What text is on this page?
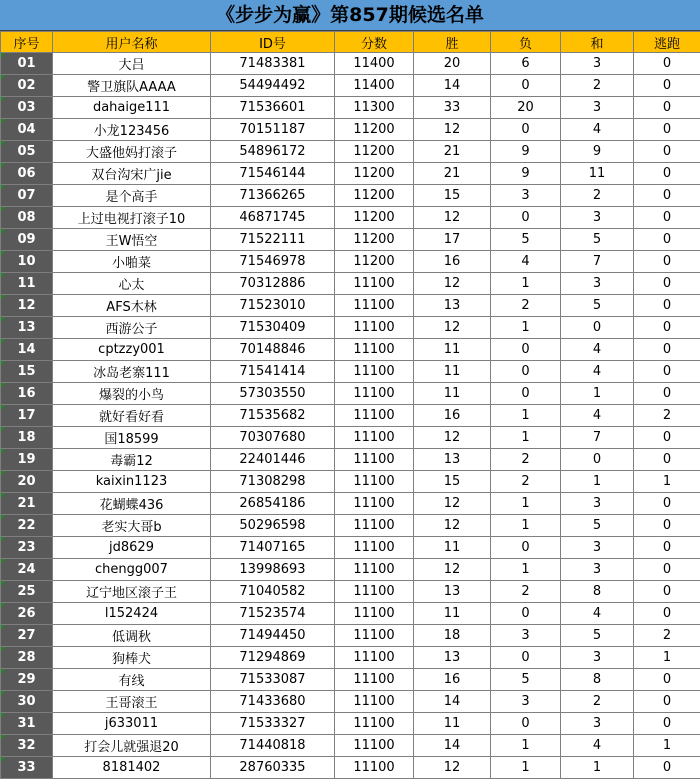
《步步为赢》第857期候选名单
序号	用户名称	ID号	分数	胜	负	和	逃跑

01	大吕	71483381	11400	20	6	3	0

02	警卫旗队AAAA	54494492	11400	14	0	2	0

03	dahaige111	71536601	11300	33	20	3	0

04	小龙123456	70151187	11200	12	0	4	0

05	大盛他妈打滚子	54896172	11200	21	9	9	0

06	双台沟宋广jie	71546144	11200	21	9	11	0

07	是个高手	71366265	11200	15	3	2	0

08	上过电视打滚子10	46871745	11200	12	0	3	0

09	王W悟空	71522111	11200	17	5	5	0

10	小啪菜	71546978	11200	16	4	7	0

11	心太	70312886	11100	12	1	3	0

12	AFS木林	71523010	11100	13	2	5	0

13	西游公子	71530409	11100	12	1	0	0

14	cptzzy001	70148846	11100	11	0	4	0

15	冰岛老寨111	71541414	11100	11	0	4	0

16	爆裂的小鸟	57303550	11100	11	0	1	0

17	就好看好看	71535682	11100	16	1	4	2

18	国18599	70307680	11100	12	1	7	0

19	毒霸12	22401446	11100	13	2	0	0

20	kaixin1123	71308298	11100	15	2	1	1

21	花蝴蝶436	26854186	11100	12	1	3	0

22	老实大哥b	50296598	11100	12	1	5	0

23	jd8629	71407165	11100	11	0	3	0

24	chengg007	13998693	11100	12	1	3	0

25	辽宁地区滚子王	71040582	11100	13	2	8	0

26	l152424	71523574	11100	11	0	4	0

27	低调秋	71494450	11100	18	3	5	2

28	狗棒犬	71294869	11100	13	0	3	1

29	有线	71533087	11100	16	5	8	0

30	王哥滚王	71433680	11100	14	3	2	0

31	j633011	71533327	11100	11	0	3	0

32	打会儿就强退20	71440818	11100	14	1	4	1

33	8181402	28760335	11100	12	1	1	0
